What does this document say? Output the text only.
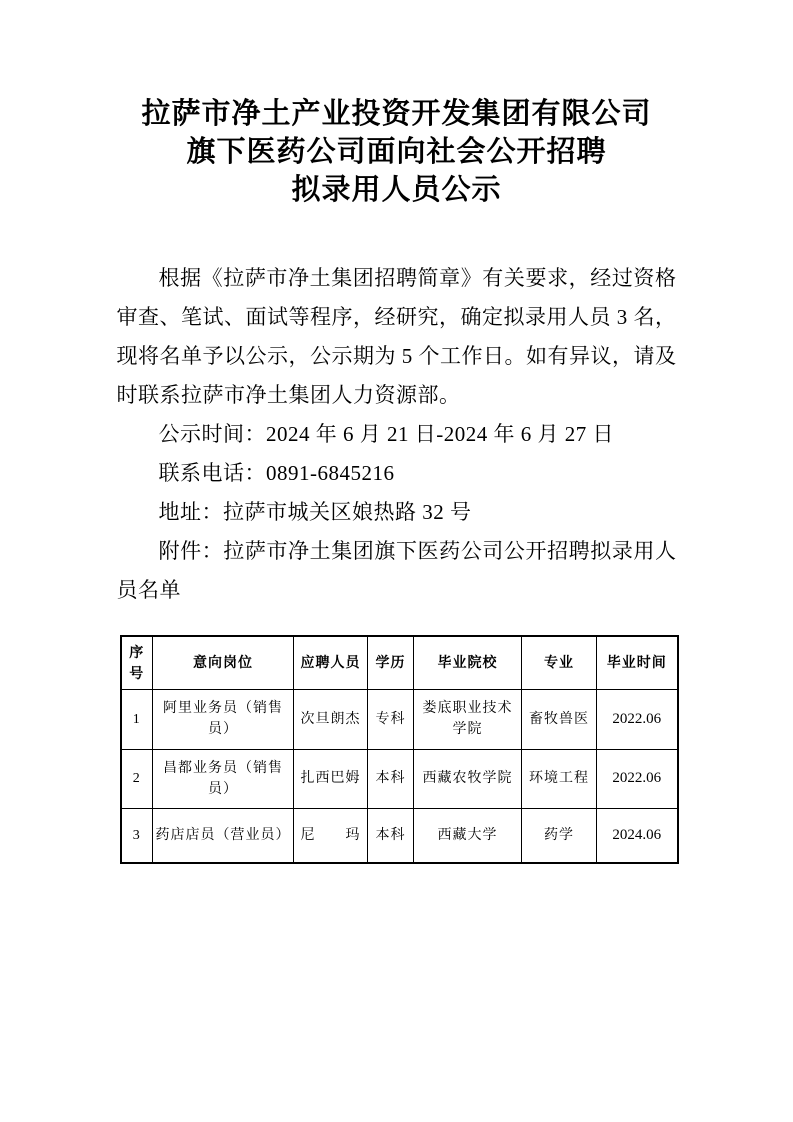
拉萨市净土产业投资开发集团有限公司
旗下医药公司面向社会公开招聘
拟录用人员公示

根据《拉萨市净土集团招聘简章》有关要求，经过资格审查、笔试、面试等程序，经研究，确定拟录用人员 3 名，现将名单予以公示，公示期为 5 个工作日。如有异议，请及时联系拉萨市净土集团人力资源部。

公示时间：2024 年 6 月 21 日-2024 年 6 月 27 日

联系电话：0891-6845216

地址：拉萨市城关区娘热路 32 号

附件：拉萨市净土集团旗下医药公司公开招聘拟录用人员名单

序号	意向岗位	应聘人员	学历	毕业院校	专业	毕业时间
1	阿里业务员（销售员）	次旦朗杰	专科	娄底职业技术学院	畜牧兽医	2022.06
2	昌都业务员（销售员）	扎西巴姆	本科	西藏农牧学院	环境工程	2022.06
3	药店店员（营业员）	尼　　玛	本科	西藏大学	药学	2024.06
